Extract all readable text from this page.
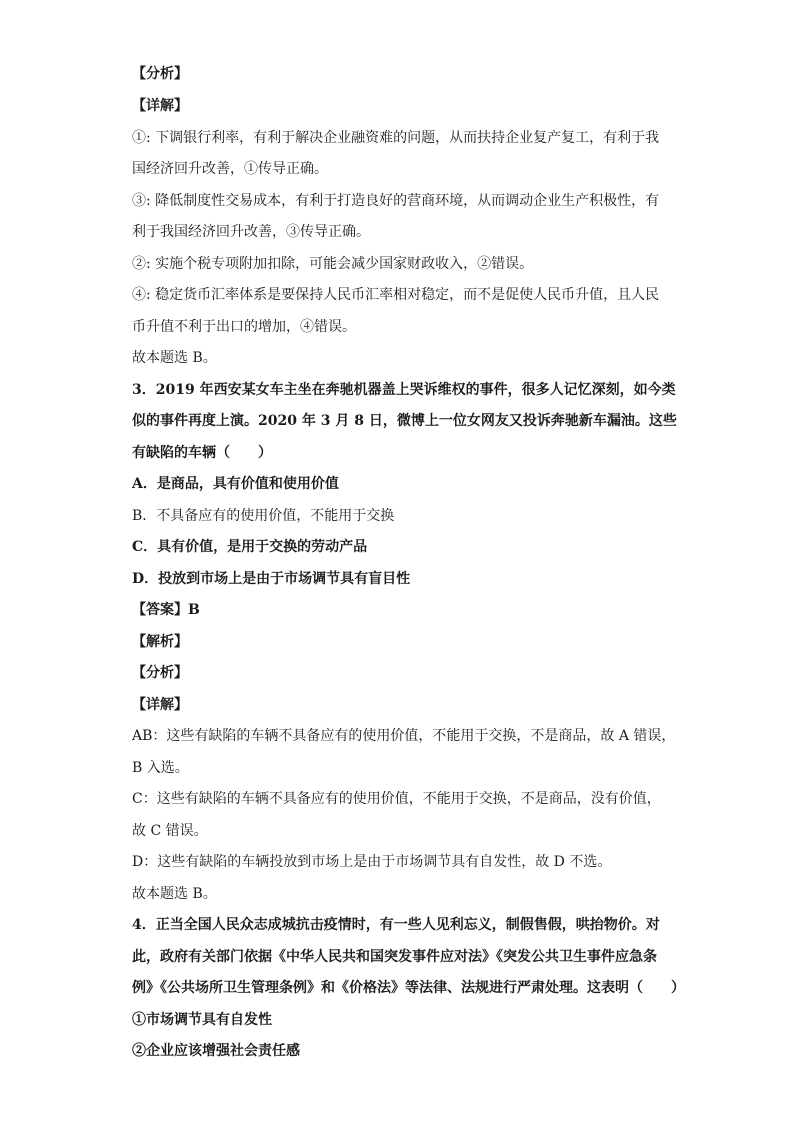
【分析】
【详解】
①: 下调银行利率，有利于解决企业融资难的问题，从而扶持企业复产复工，有利于我
国经济回升改善，①传导正确。
③: 降低制度性交易成本，有利于打造良好的营商环境，从而调动企业生产积极性，有
利于我国经济回升改善，③传导正确。
②: 实施个税专项附加扣除，可能会减少国家财政收入，②错误。
④: 稳定货币汇率体系是要保持人民币汇率相对稳定，而不是促使人民币升值，且人民
币升值不利于出口的增加，④错误。
故本题选 B。
3．2019 年西安某女车主坐在奔驰机器盖上哭诉维权的事件，很多人记忆深刻，如今类
似的事件再度上演。2020 年 3 月 8 日，微博上一位女网友又投诉奔驰新车漏油。这些
有缺陷的车辆（　　）
A．是商品，具有价值和使用价值
B．不具备应有的使用价值，不能用于交换
C．具有价值，是用于交换的劳动产品
D．投放到市场上是由于市场调节具有盲目性
【答案】B
【解析】
【分析】
【详解】
AB：这些有缺陷的车辆不具备应有的使用价值，不能用于交换，不是商品，故 A 错误，
B 入选。
C：这些有缺陷的车辆不具备应有的使用价值，不能用于交换，不是商品，没有价值，
故 C 错误。
D：这些有缺陷的车辆投放到市场上是由于市场调节具有自发性，故 D 不选。
故本题选 B。
4．正当全国人民众志成城抗击疫情时，有一些人见利忘义，制假售假，哄抬物价。对
此，政府有关部门依据《中华人民共和国突发事件应对法》《突发公共卫生事件应急条
例》《公共场所卫生管理条例》和《价格法》等法律、法规进行严肃处理。这表明（　　）
①市场调节具有自发性
②企业应该增强社会责任感
